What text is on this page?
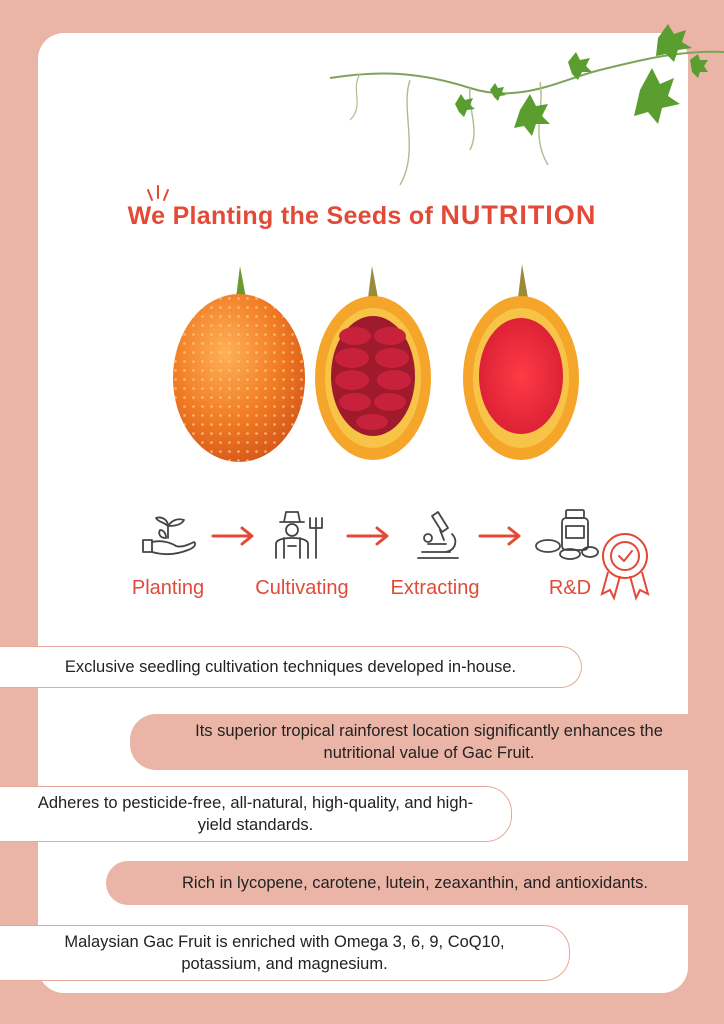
We Planting the Seeds of NUTRITION
Planting	Cultivating	Extracting	R&D
Exclusive seedling cultivation techniques developed in-house.
Its superior tropical rainforest location significantly enhances the nutritional value of Gac Fruit.
Adheres to pesticide-free, all-natural, high-quality, and high-yield standards.
Rich in lycopene, carotene, lutein, zeaxanthin, and antioxidants.
Malaysian Gac Fruit is enriched with Omega 3, 6, 9, CoQ10, potassium, and magnesium.
